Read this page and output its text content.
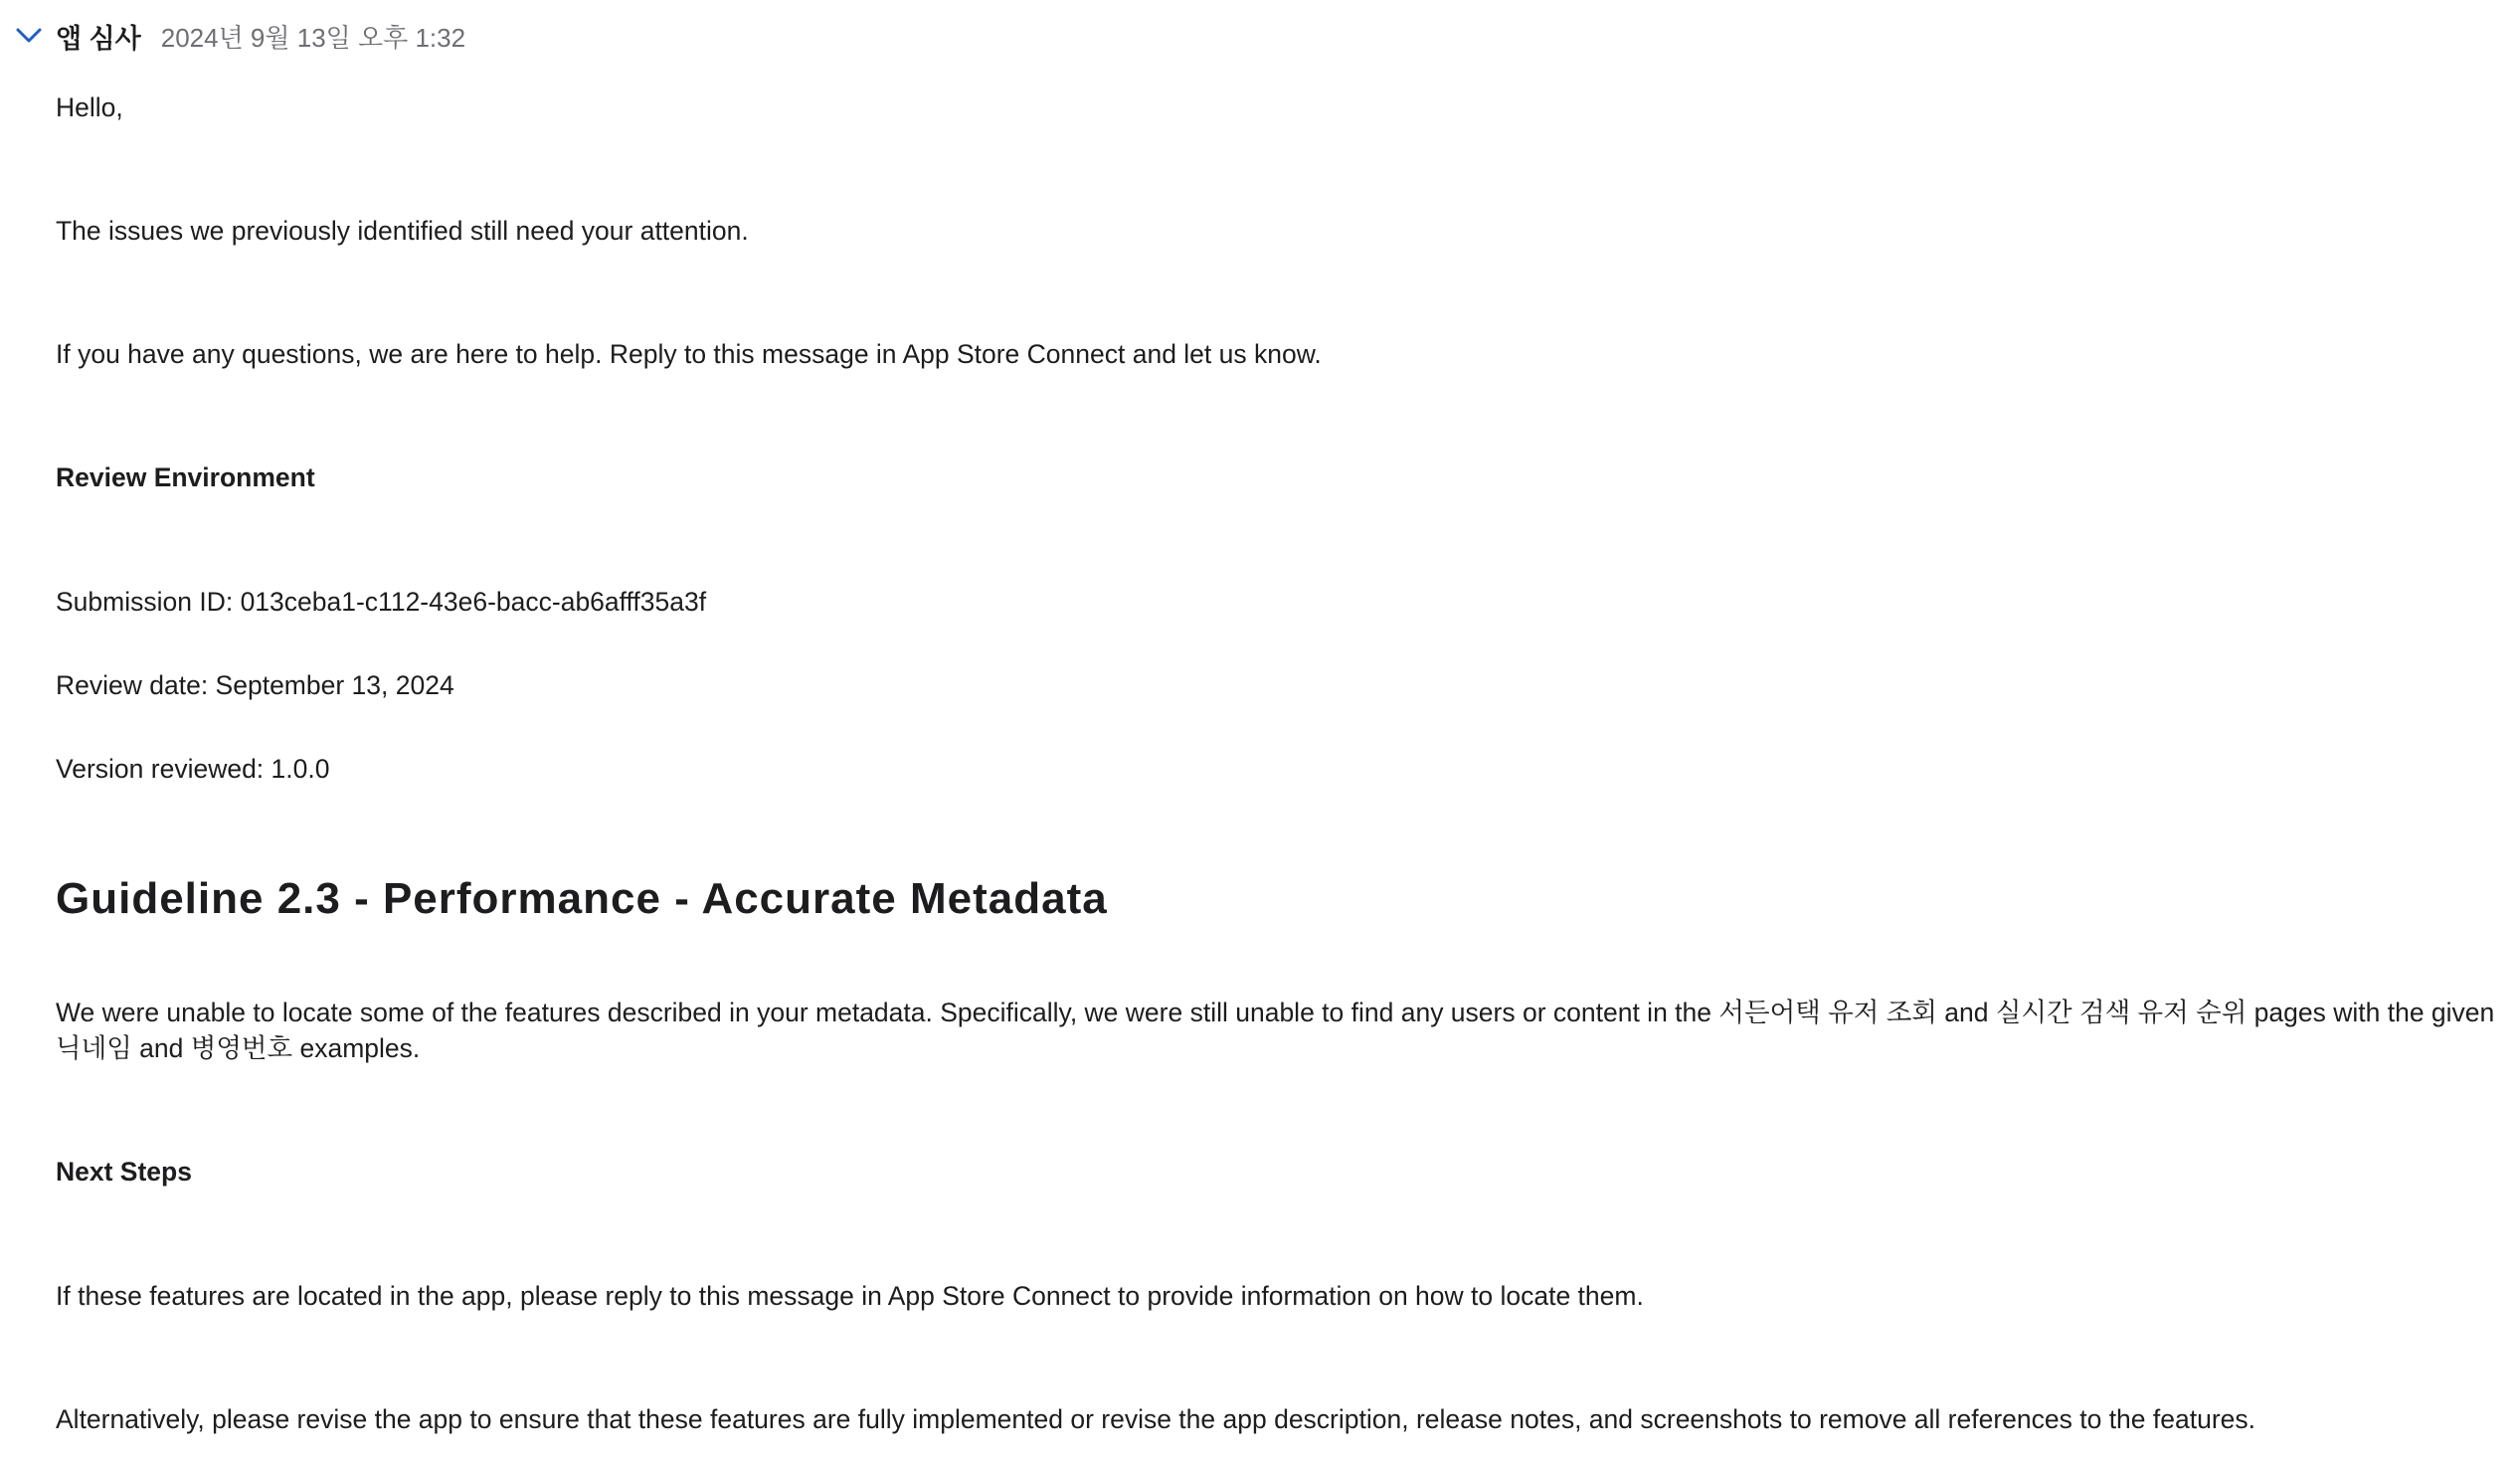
앱 심사 2024년 9월 13일 오후 1:32
Hello,
The issues we previously identified still need your attention.
If you have any questions, we are here to help. Reply to this message in App Store Connect and let us know.
Review Environment
Submission ID: 013ceba1-c112-43e6-bacc-ab6afff35a3f
Review date: September 13, 2024
Version reviewed: 1.0.0
Guideline 2.3 - Performance - Accurate Metadata
We were unable to locate some of the features described in your metadata. Specifically, we were still unable to find any users or content in the 서든어택 유저 조회 and 실시간 검색 유저 순위 pages with the given 닉네임 and 병영번호 examples.
Next Steps
If these features are located in the app, please reply to this message in App Store Connect to provide information on how to locate them.
Alternatively, please revise the app to ensure that these features are fully implemented or revise the app description, release notes, and screenshots to remove all references to the features.
